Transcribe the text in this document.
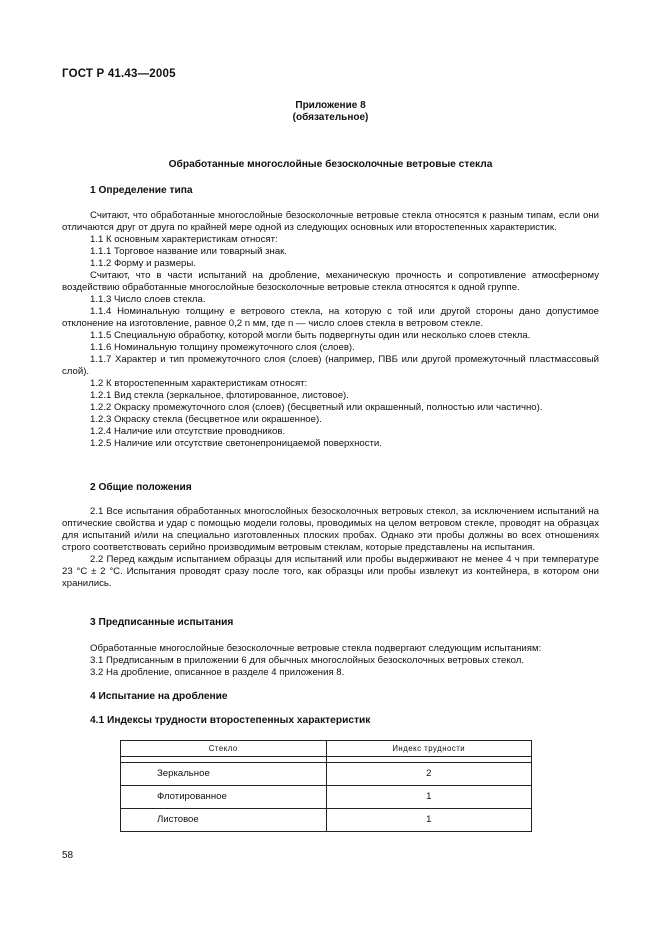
ГОСТ Р 41.43—2005
Приложение 8
(обязательное)
Обработанные многослойные безосколочные ветровые стекла
1 Определение типа

Считают, что обработанные многослойные безосколочные ветровые стекла относятся к разным типам, если они отличаются друг от друга по крайней мере одной из следующих основных или второстепенных характеристик.

1.1 К основным характеристикам относят:

1.1.1 Торговое название или товарный знак.

1.1.2 Форму и размеры.

Считают, что в части испытаний на дробление, механическую прочность и сопротивление атмосферному воздействию обработанные многослойные безосколочные ветровые стекла относятся к одной группе.

1.1.3 Число слоев стекла.

1.1.4 Номинальную толщину e ветрового стекла, на которую с той или другой стороны дано допустимое отклонение на изготовление, равное 0,2 n мм, где n — число слоев стекла в ветровом стекле.

1.1.5 Специальную обработку, которой могли быть подвергнуты один или несколько слоев стекла.

1.1.6 Номинальную толщину промежуточного слоя (слоев).

1.1.7 Характер и тип промежуточного слоя (слоев) (например, ПВБ или другой промежуточный пластмассовый слой).

1.2 К второстепенным характеристикам относят:

1.2.1 Вид стекла (зеркальное, флотированное, листовое).

1.2.2 Окраску промежуточного слоя (слоев) (бесцветный или окрашенный, полностью или частично).

1.2.3 Окраску стекла (бесцветное или окрашенное).

1.2.4 Наличие или отсутствие проводников.

1.2.5 Наличие или отсутствие светонепроницаемой поверхности.

2 Общие положения

2.1 Все испытания обработанных многослойных безосколочных ветровых стекол, за исключением испытаний на оптические свойства и удар с помощью модели головы, проводимых на целом ветровом стекле, проводят на образцах для испытаний и/или на специально изготовленных плоских пробах. Однако эти пробы должны во всех отношениях строго соответствовать серийно производимым ветровым стеклам, которые представлены на испытания.

2.2 Перед каждым испытанием образцы для испытаний или пробы выдерживают не менее 4 ч при температуре 23 °С ± 2 °С. Испытания проводят сразу после того, как образцы или пробы извлекут из контейнера, в котором они хранились.

3 Предписанные испытания

Обработанные многослойные безосколочные ветровые стекла подвергают следующим испытаниям:

3.1 Предписанным в приложении 6 для обычных многослойных безосколочных ветровых стекол.

3.2 На дробление, описанное в разделе 4 приложения 8.

4 Испытание на дробление
4.1 Индексы трудности второстепенных характеристик
Стекло	Индекс трудности

Зеркальное	2
Флотированное	1
Листовое	1
58
